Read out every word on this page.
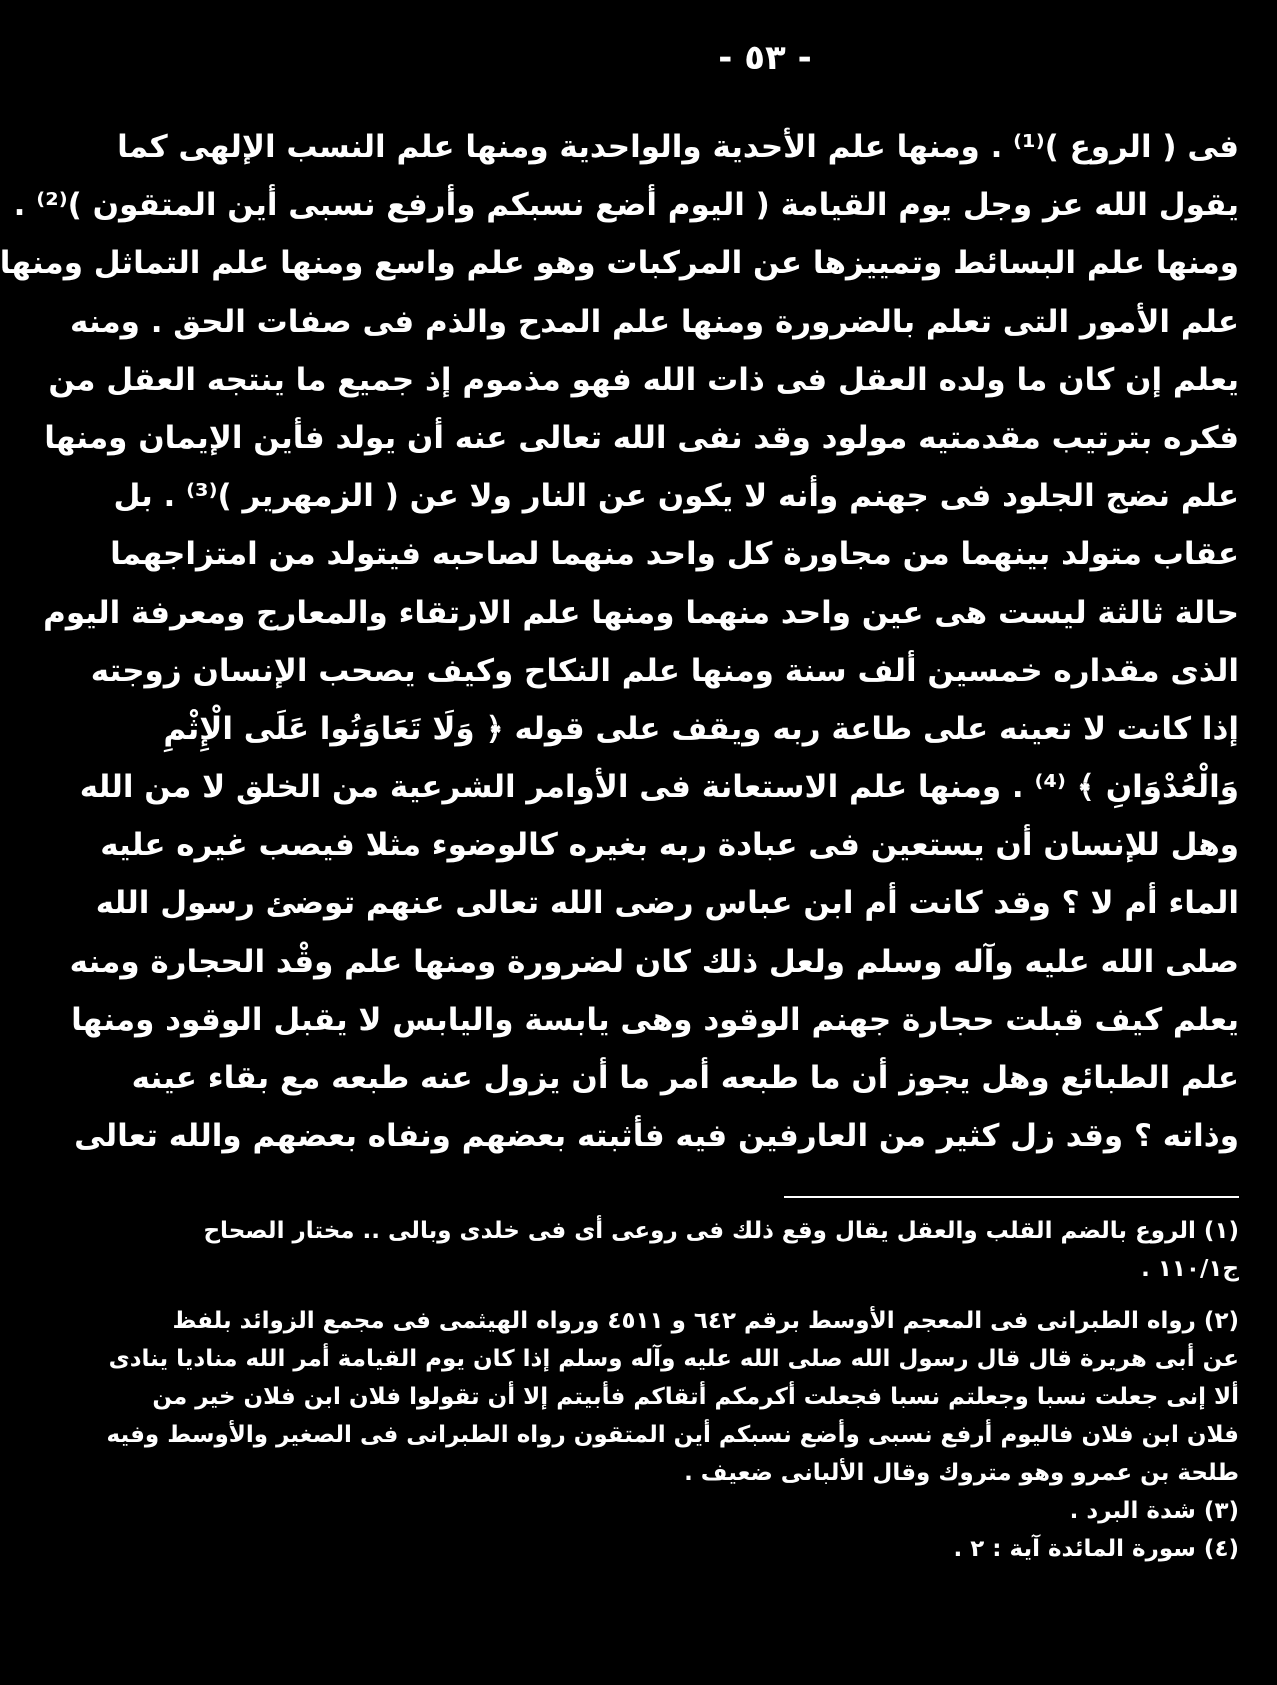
- ٥٣ -
فى ( الروع )⁽¹⁾ . ومنها علم الأحدية والواحدية ومنها علم النسب الإلهى كما
يقول الله عز وجل يوم القيامة ( اليوم أضع نسبكم وأرفع نسبى أين المتقون )⁽²⁾ .
ومنها علم البسائط وتمييزها عن المركبات وهو علم واسع ومنها علم التماثل ومنها
علم الأمور التى تعلم بالضرورة ومنها علم المدح والذم فى صفات الحق . ومنه
يعلم إن كان ما ولده العقل فى ذات الله فهو مذموم إذ جميع ما ينتجه العقل من
فكره بترتيب مقدمتيه مولود وقد نفى الله تعالى عنه أن يولد فأين الإيمان ومنها
علم نضج الجلود فى جهنم وأنه لا يكون عن النار ولا عن ( الزمهرير )⁽³⁾ . بل
عقاب متولد بينهما من مجاورة كل واحد منهما لصاحبه فيتولد من امتزاجهما
حالة ثالثة ليست هى عين واحد منهما ومنها علم الارتقاء والمعارج ومعرفة اليوم
الذى مقداره خمسين ألف سنة ومنها علم النكاح وكيف يصحب الإنسان زوجته
إذا كانت لا تعينه على طاعة ربه ويقف على قوله ﴿ وَلَا تَعَاوَنُوا عَلَى الْإِثْمِ
وَالْعُدْوَانِ ﴾ ⁽⁴⁾ . ومنها علم الاستعانة فى الأوامر الشرعية من الخلق لا من الله
وهل للإنسان أن يستعين فى عبادة ربه بغيره كالوضوء مثلا فيصب غيره عليه
الماء أم لا ؟ وقد كانت أم ابن عباس رضى الله تعالى عنهم توضئ رسول الله
صلى الله عليه وآله وسلم ولعل ذلك كان لضرورة ومنها علم وقْد الحجارة ومنه
يعلم كيف قبلت حجارة جهنم الوقود وهى يابسة واليابس لا يقبل الوقود ومنها
علم الطبائع وهل يجوز أن ما طبعه أمر ما أن يزول عنه طبعه مع بقاء عينه
وذاته ؟ وقد زل كثير من العارفين فيه فأثبته بعضهم ونفاه بعضهم والله تعالى
(١) الروع بالضم القلب والعقل يقال وقع ذلك فى روعى أى فى خلدى وبالى .. مختار الصحاح
ج١١٠/١ .
(٢) رواه الطبرانى فى المعجم الأوسط برقم ٦٤٢ و ٤٥١١ ورواه الهيثمى فى مجمع الزوائد بلفظ
عن أبى هريرة قال قال رسول الله صلى الله عليه وآله وسلم إذا كان يوم القيامة أمر الله مناديا ينادى
ألا إنى جعلت نسبا وجعلتم نسبا فجعلت أكرمكم أتقاكم فأبيتم إلا أن تقولوا فلان ابن فلان خير من
فلان ابن فلان فاليوم أرفع نسبى وأضع نسبكم أين المتقون رواه الطبرانى فى الصغير والأوسط وفيه
طلحة بن عمرو وهو متروك وقال الألبانى ضعيف .
(٣) شدة البرد .
(٤) سورة المائدة آية : ٢ .
